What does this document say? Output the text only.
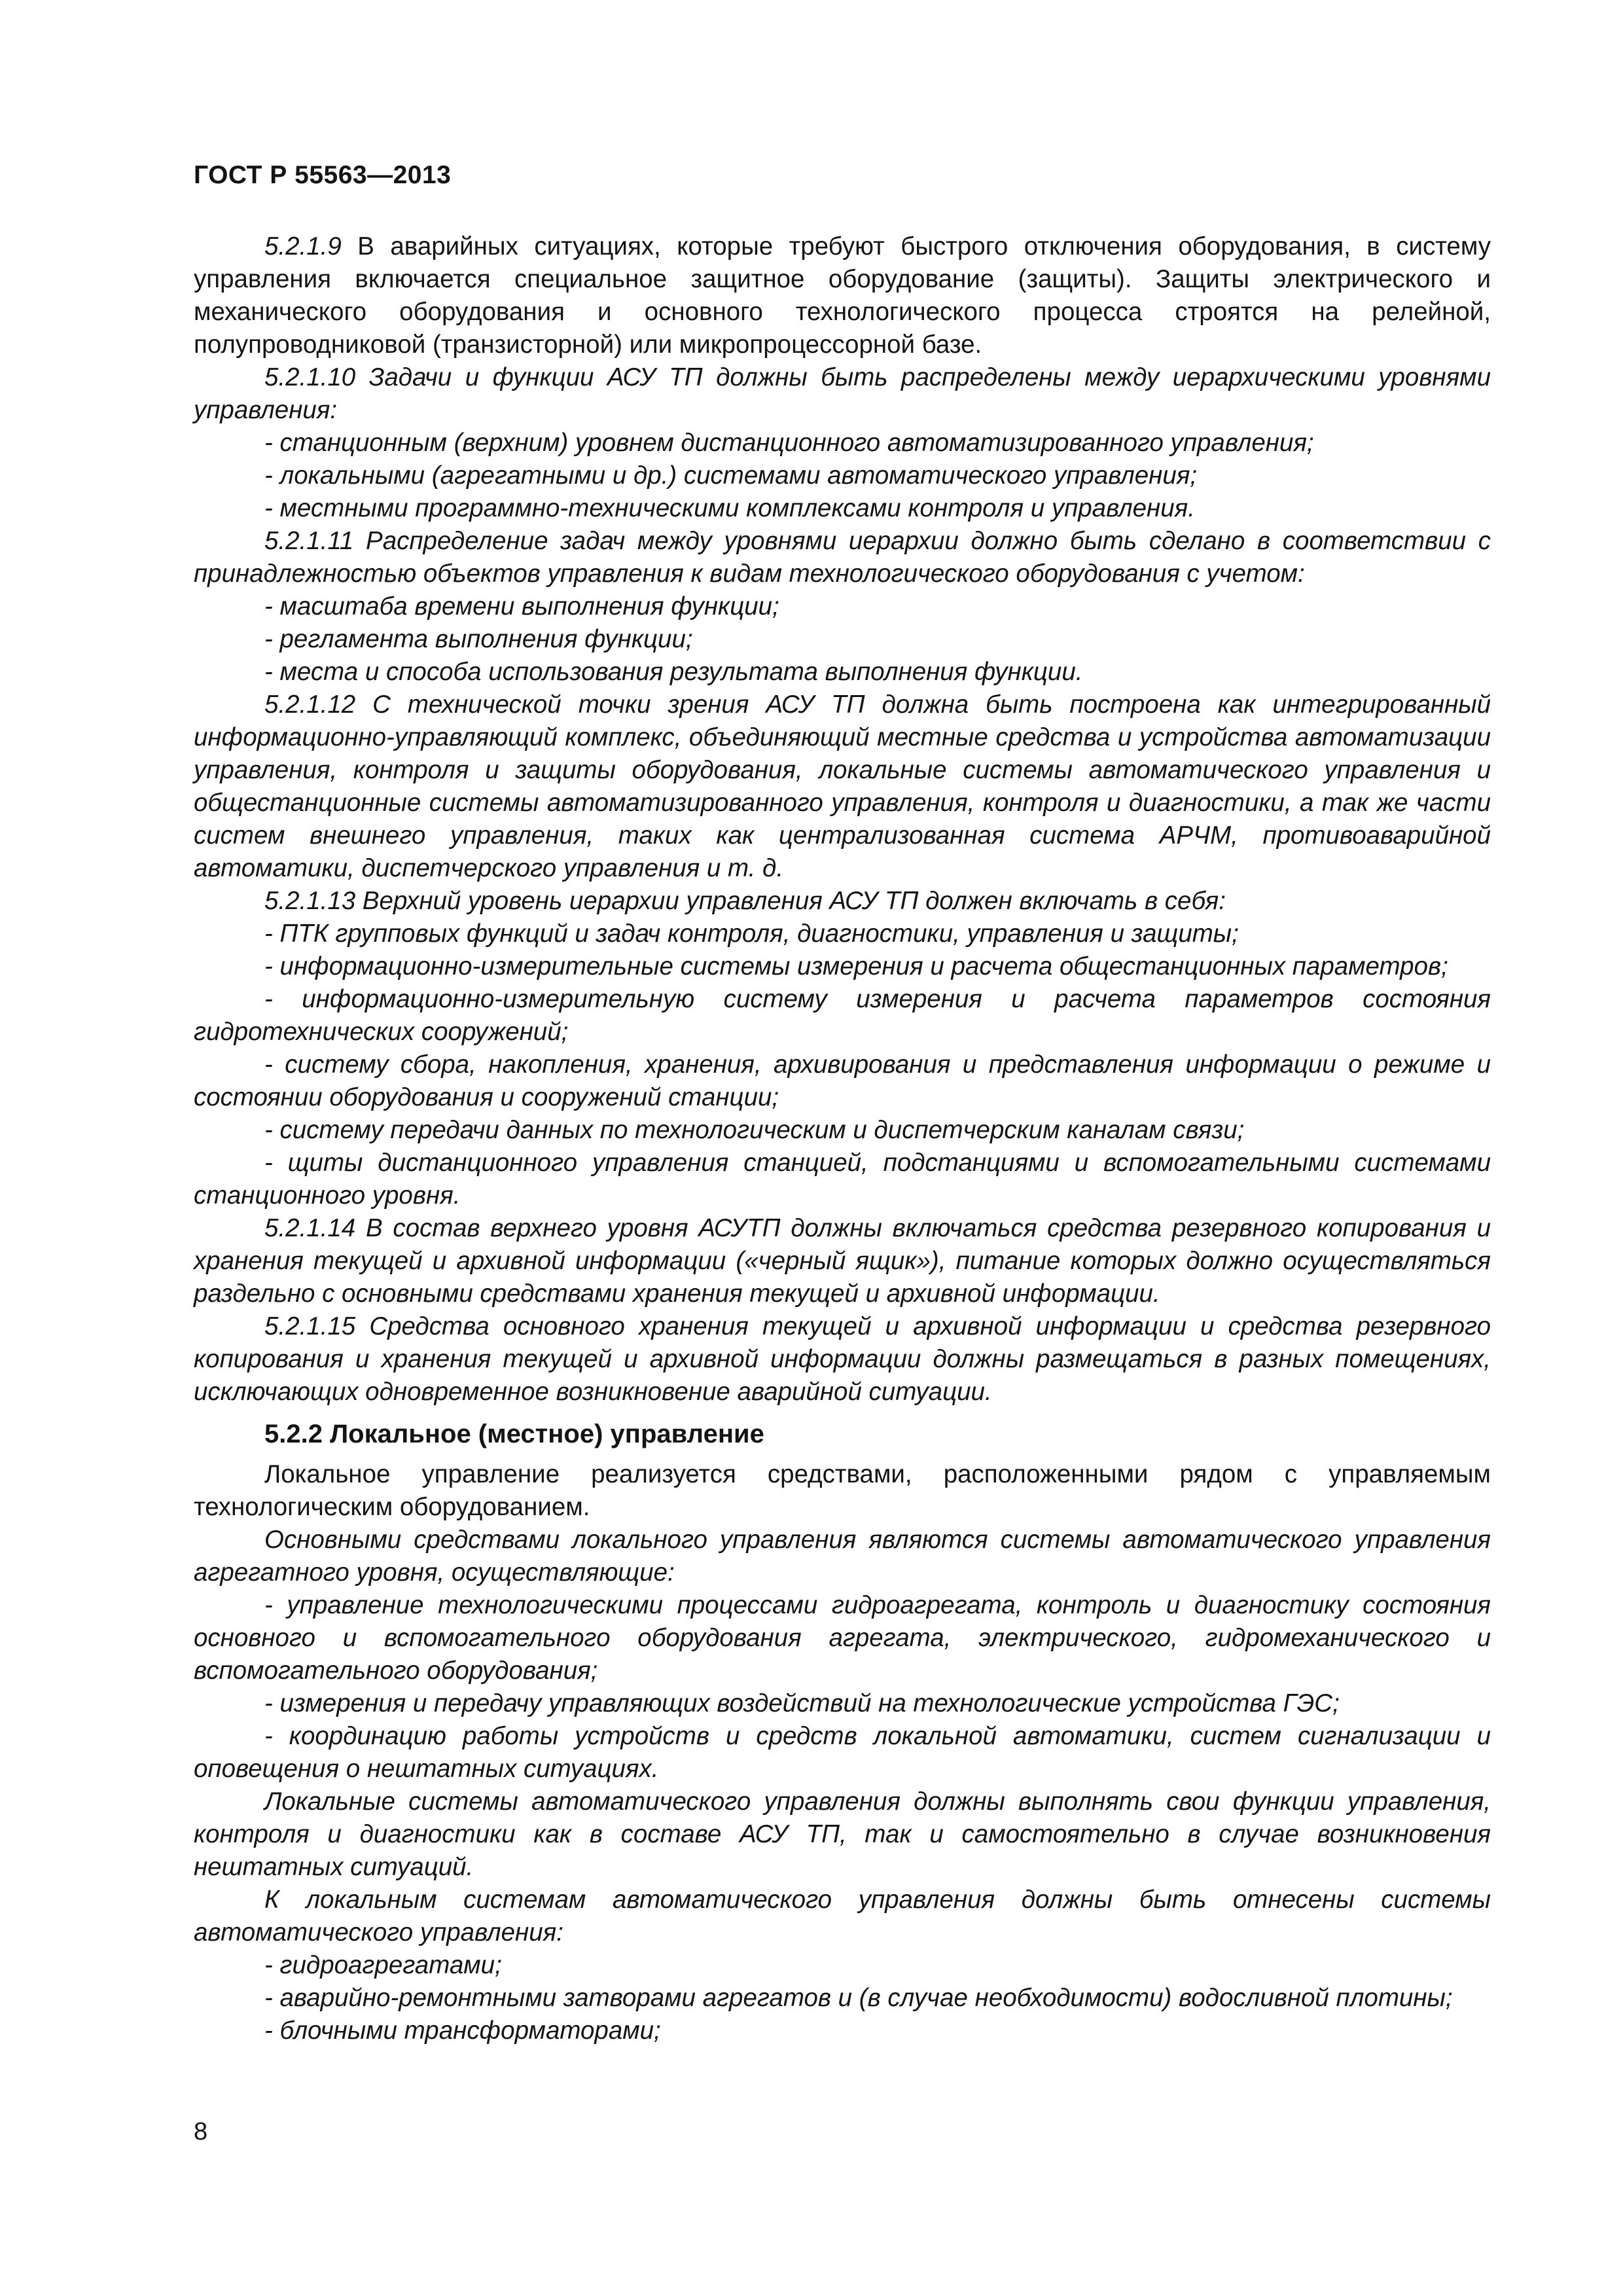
ГОСТ Р 55563—2013

5.2.1.9 В аварийных ситуациях, которые требуют быстрого отключения оборудования, в систему управления включается специальное защитное оборудование (защиты). Защиты электрического и механического оборудования и основного технологического процесса строятся на релейной, полупроводниковой (транзисторной) или микропроцессорной базе.

5.2.1.10 Задачи и функции АСУ ТП должны быть распределены между иерархическими уровнями управления:

- станционным (верхним) уровнем дистанционного автоматизированного управления;

- локальными (агрегатными и др.) системами автоматического управления;

- местными программно-техническими комплексами контроля и управления.

5.2.1.11 Распределение задач между уровнями иерархии должно быть сделано в соответствии с принадлежностью объектов управления к видам технологического оборудования с учетом:

- масштаба времени выполнения функции;

- регламента выполнения функции;

- места и способа использования результата выполнения функции.

5.2.1.12 С технической точки зрения АСУ ТП должна быть построена как интегрированный информационно-управляющий комплекс, объединяющий местные средства и устройства автоматизации управления, контроля и защиты оборудования, локальные системы автоматического управления и общестанционные системы автоматизированного управления, контроля и диагностики, а так же части систем внешнего управления, таких как централизованная система АРЧМ, противоаварийной автоматики, диспетчерского управления и т. д.

5.2.1.13 Верхний уровень иерархии управления АСУ ТП должен включать в себя:

- ПТК групповых функций и задач контроля, диагностики, управления и защиты;

- информационно-измерительные системы измерения и расчета общестанционных параметров;

- информационно-измерительную систему измерения и расчета параметров состояния гидротехнических сооружений;

- систему сбора, накопления, хранения, архивирования и представления информации о режиме и состоянии оборудования и сооружений станции;

- систему передачи данных по технологическим и диспетчерским каналам связи;

- щиты дистанционного управления станцией, подстанциями и вспомогательными системами станционного уровня.

5.2.1.14 В состав верхнего уровня АСУТП должны включаться средства резервного копирования и хранения текущей и архивной информации («черный ящик»), питание которых должно осуществляться раздельно с основными средствами хранения текущей и архивной информации.

5.2.1.15 Средства основного хранения текущей и архивной информации и средства резервного копирования и хранения текущей и архивной информации должны размещаться в разных помещениях, исключающих одновременное возникновение аварийной ситуации.

5.2.2 Локальное (местное) управление

Локальное управление реализуется средствами, расположенными рядом с управляемым технологическим оборудованием.

Основными средствами локального управления являются системы автоматического управления агрегатного уровня, осуществляющие:

- управление технологическими процессами гидроагрегата, контроль и диагностику состояния основного и вспомогательного оборудования агрегата, электрического, гидромеханического и вспомогательного оборудования;

- измерения и передачу управляющих воздействий на технологические устройства ГЭС;

- координацию работы устройств и средств локальной автоматики, систем сигнализации и оповещения о нештатных ситуациях.

Локальные системы автоматического управления должны выполнять свои функции управления, контроля и диагностики как в составе АСУ ТП, так и самостоятельно в случае возникновения нештатных ситуаций.

К локальным системам автоматического управления должны быть отнесены системы автоматического управления:

- гидроагрегатами;

- аварийно-ремонтными затворами агрегатов и (в случае необходимости) водосливной плотины;

- блочными трансформаторами;

8
